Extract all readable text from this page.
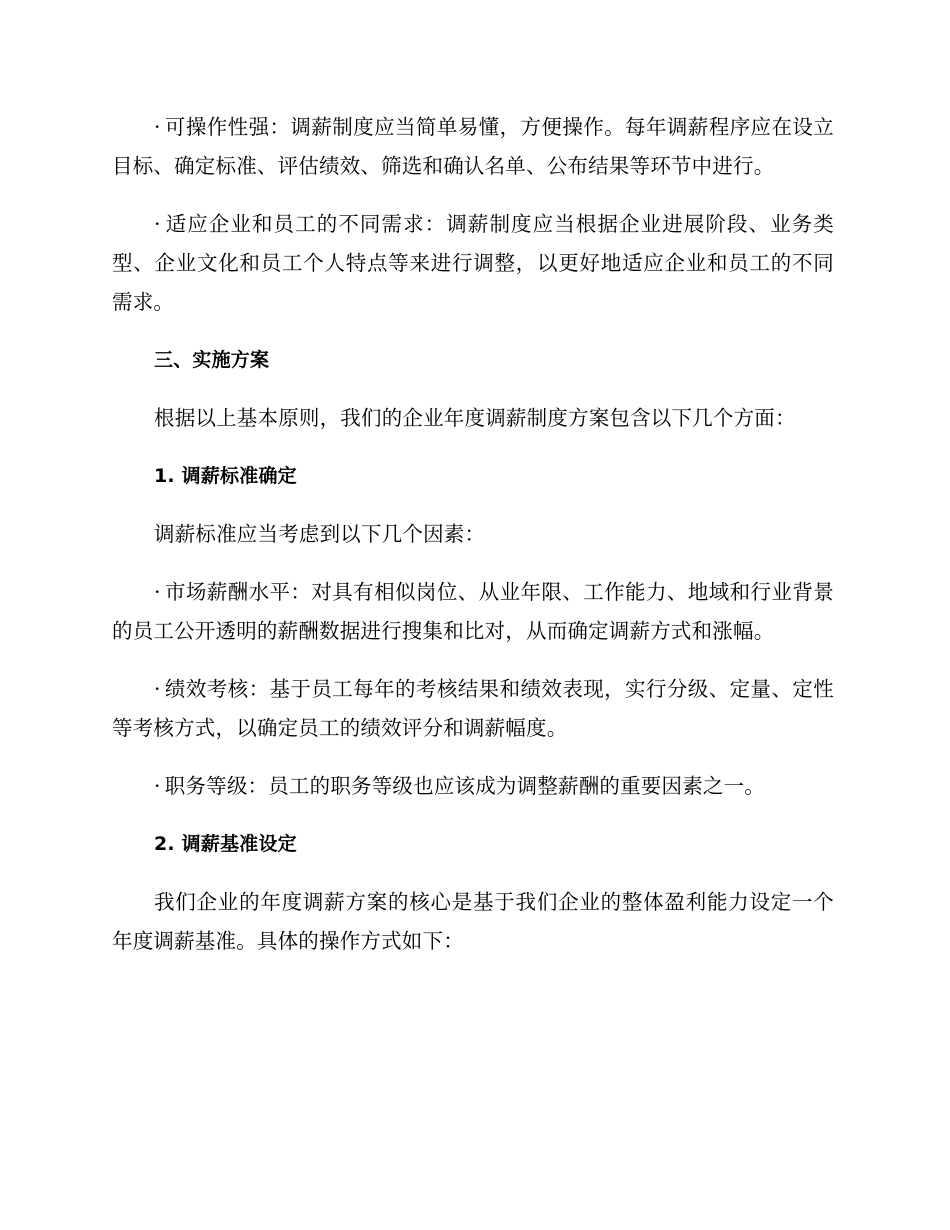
· 可操作性强：调薪制度应当简单易懂，方便操作。每年调薪程序应在设立目标、确定标准、评估绩效、筛选和确认名单、公布结果等环节中进行。

· 适应企业和员工的不同需求：调薪制度应当根据企业进展阶段、业务类型、企业文化和员工个人特点等来进行调整，以更好地适应企业和员工的不同需求。

三、实施方案

根据以上基本原则，我们的企业年度调薪制度方案包含以下几个方面：

1. 调薪标准确定

调薪标准应当考虑到以下几个因素：

· 市场薪酬水平：对具有相似岗位、从业年限、工作能力、地域和行业背景的员工公开透明的薪酬数据进行搜集和比对，从而确定调薪方式和涨幅。

· 绩效考核：基于员工每年的考核结果和绩效表现，实行分级、定量、定性等考核方式，以确定员工的绩效评分和调薪幅度。

· 职务等级：员工的职务等级也应该成为调整薪酬的重要因素之一。

2. 调薪基准设定

我们企业的年度调薪方案的核心是基于我们企业的整体盈利能力设定一个年度调薪基准。具体的操作方式如下：
